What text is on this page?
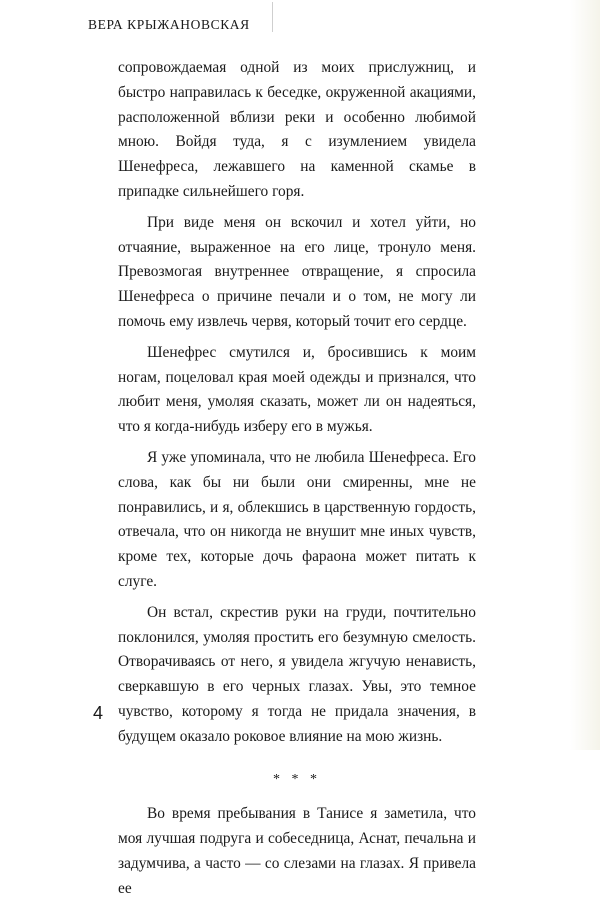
ВЕРА КРЫЖАНОВСКАЯ

сопровождаемая одной из моих прислужниц, и быстро направилась к беседке, окруженной акациями, расположенной вблизи реки и особенно любимой мною. Войдя туда, я с изумлением увидела Шенефреса, лежавшего на каменной скамье в припадке сильнейшего горя.

При виде меня он вскочил и хотел уйти, но отчаяние, выраженное на его лице, тронуло меня. Превозмогая внутреннее отвращение, я спросила Шенефреса о причине печали и о том, не могу ли помочь ему извлечь червя, который точит его сердце.

Шенефрес смутился и, бросившись к моим ногам, поцеловал края моей одежды и признался, что любит меня, умоляя сказать, может ли он надеяться, что я когда-нибудь изберу его в мужья.

Я уже упоминала, что не любила Шенефреса. Его слова, как бы ни были они смиренны, мне не понравились, и я, облекшись в царственную гордость, отвечала, что он никогда не внушит мне иных чувств, кроме тех, которые дочь фараона может питать к слуге.

Он встал, скрестив руки на груди, почтительно поклонился, умоляя простить его безумную смелость. Отворачиваясь от него, я увидела жгучую ненависть, сверкавшую в его черных глазах. Увы, это темное чувство, которому я тогда не придала значения, в будущем оказало роковое влияние на мою жизнь.

* * *

Во время пребывания в Танисе я заметила, что моя лучшая подруга и собеседница, Аснат, печальна и задумчива, а часто — со слезами на глазах. Я привела ее

4
